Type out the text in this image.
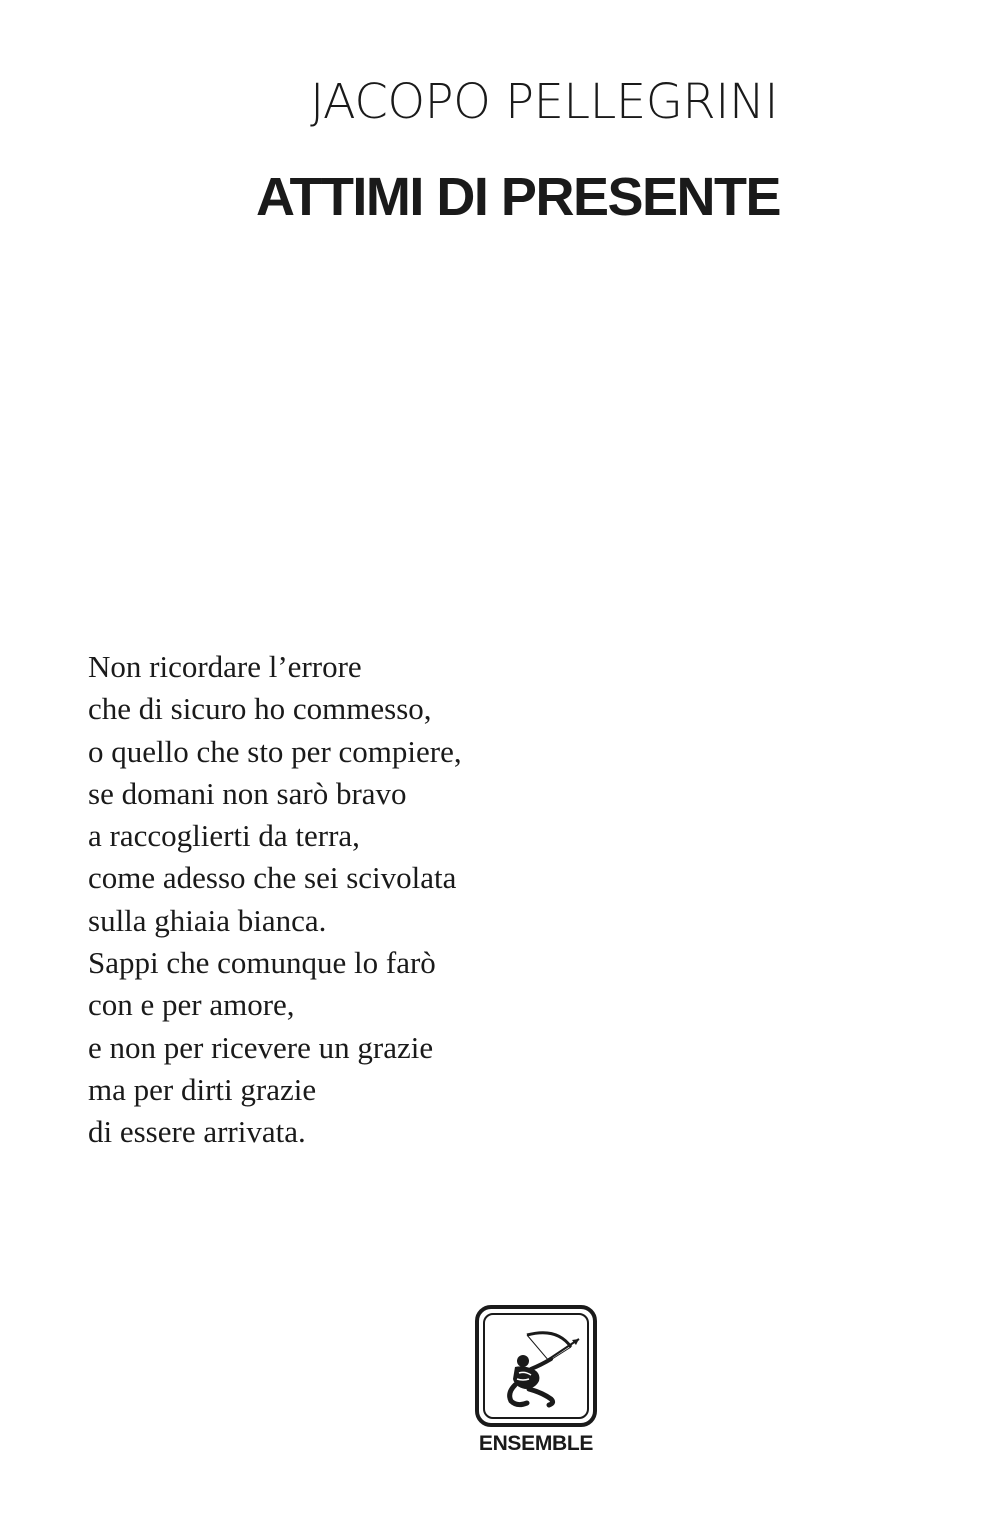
JACOPO PELLEGRINI
ATTIMI DI PRESENTE
Non ricordare l’errore
che di sicuro ho commesso,
o quello che sto per compiere,
se domani non sarò bravo
a raccoglierti da terra,
come adesso che sei scivolata
sulla ghiaia bianca.
Sappi che comunque lo farò
con e per amore,
e non per ricevere un grazie
ma per dirti grazie
di essere arrivata.
ENSEMBLE
